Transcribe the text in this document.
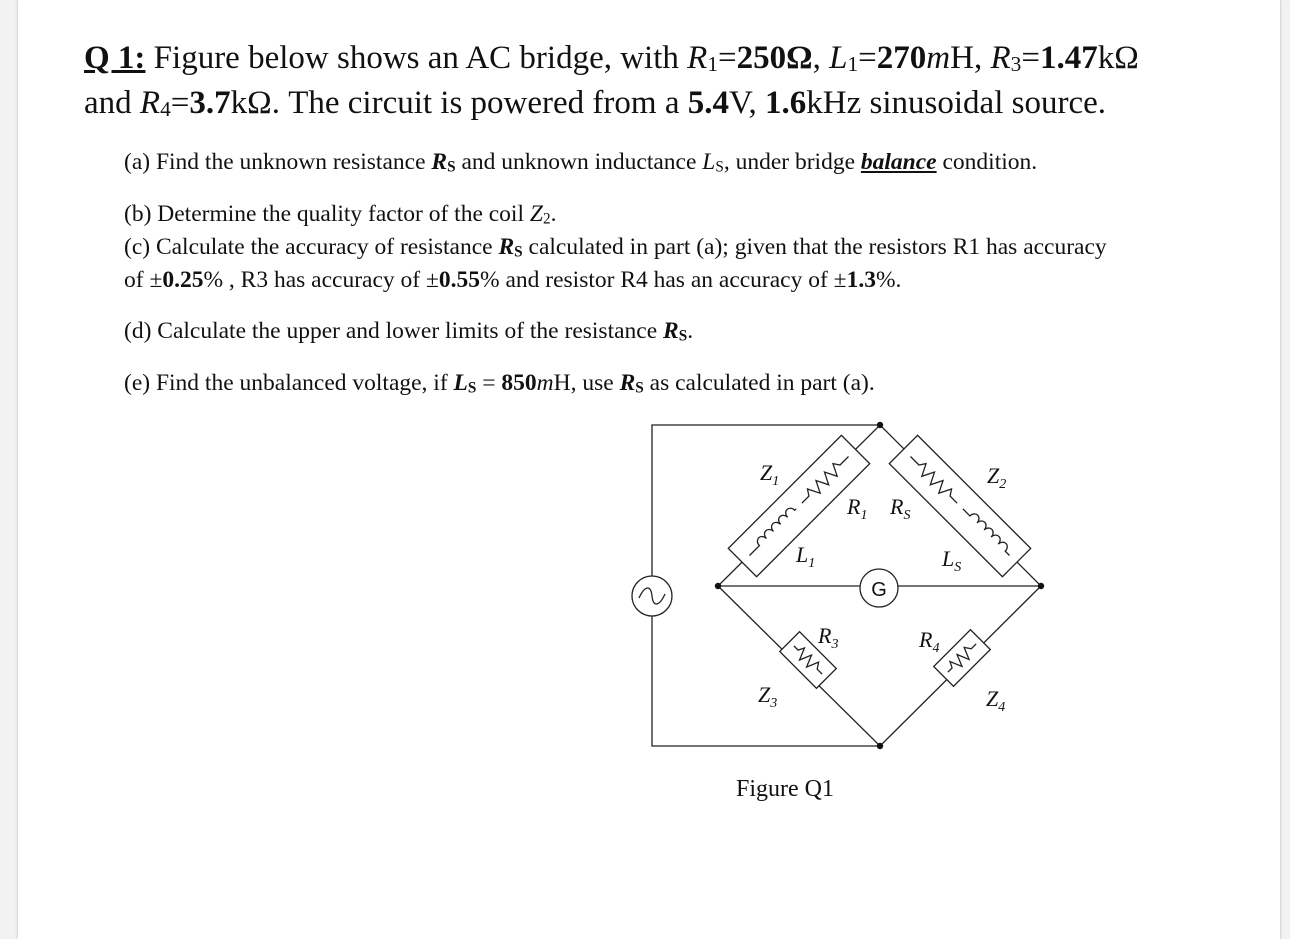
Q 1: Figure below shows an AC bridge, with $R_1=250\Omega$, $L_1=270mH$, $R_3=1.47k\Omega$
and $R_4=3.7k\Omega$. The circuit is powered from a 5.4V, 1.6kHz sinusoidal source.
(a) Find the unknown resistance $R_S$ and unknown inductance $L_S$, under bridge balance condition.
(b) Determine the quality factor of the coil $Z_2$.
(c) Calculate the accuracy of resistance $R_S$ calculated in part (a); given that the resistors R1 has accuracy
of ±0.25% , R3 has accuracy of ±0.55% and resistor R4 has an accuracy of ±1.3%.
(d) Calculate the upper and lower limits of the resistance $R_S$.
(e) Find the unbalanced voltage, if $L_S = 850mH$, use $R_S$ as calculated in part (a).
$Z_1$	$Z_2$
$Z_3$	$Z_4$
$R_1$ $R_S$
$L_1$	$L_S$
$R_3$	$R_4$
G
Figure Q1
